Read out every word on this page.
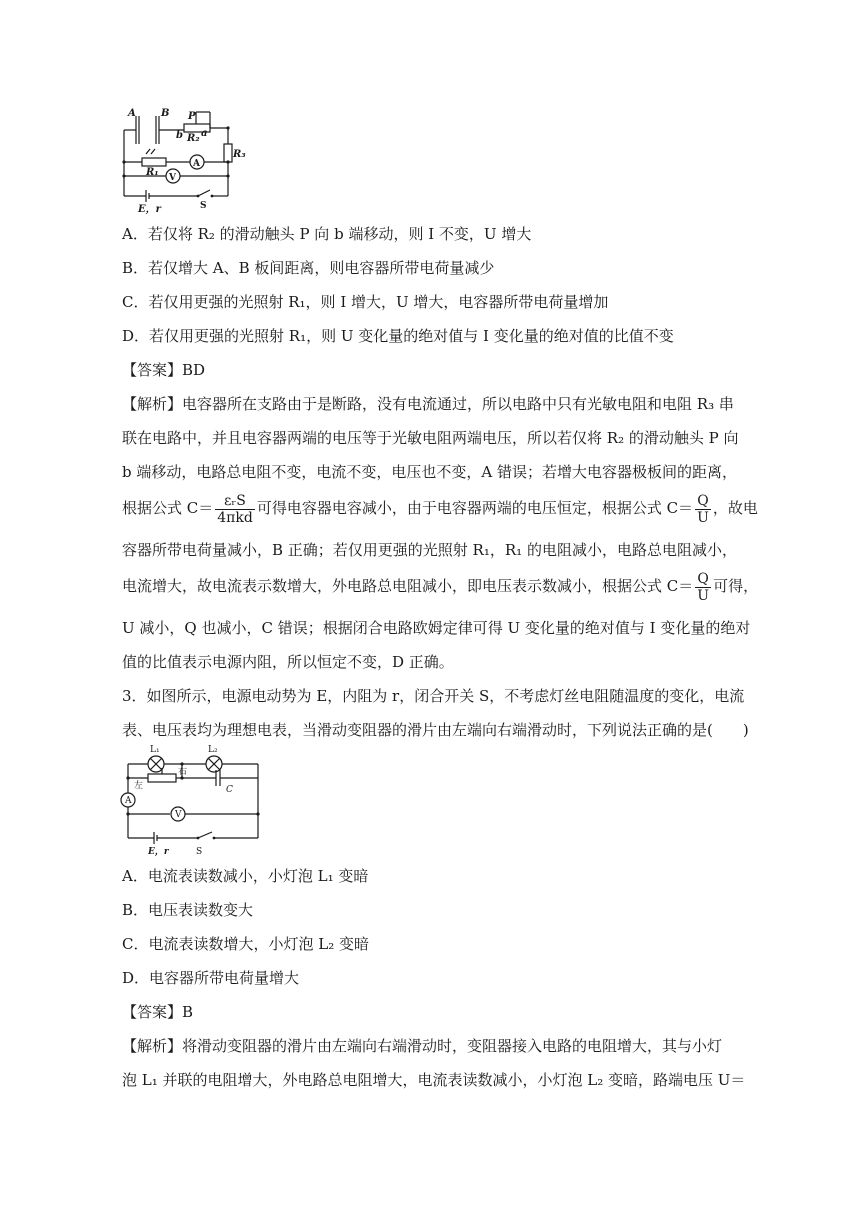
A	B P
b R₂ a
R₃
R₁
A
V
S
E，r
A．若仅将 R₂ 的滑动触头 P 向 b 端移动，则 I 不变，U 增大
B．若仅增大 A、B 板间距离，则电容器所带电荷量减少
C．若仅用更强的光照射 R₁，则 I 增大，U 增大，电容器所带电荷量增加
D．若仅用更强的光照射 R₁，则 U 变化量的绝对值与 I 变化量的绝对值的比值不变
【答案】BD
【解析】电容器所在支路由于是断路，没有电流通过，所以电路中只有光敏电阻和电阻 R₃ 串
联在电路中，并且电容器两端的电压等于光敏电阻两端电压，所以若仅将 R₂ 的滑动触头 P 向
b 端移动，电路总电阻不变，电流不变，电压也不变，A 错误；若增大电容器极板间的距离，
根据公式 $C= \frac{\text{εᵣS}}{\text{4πkd}}$ 可得电容器电容减小，由于电容器两端的电压恒定，根据公式 $C= \frac{Q}{U}$ ，故电
容器所带电荷量减小，B 正确；若仅用更强的光照射 R₁，R₁ 的电阻减小，电路总电阻减小，
电流增大，故电流表示数增大，外电路总电阻减小，即电压表示数减小，根据公式 $C= \frac{Q}{U}$ 可得，
U 减小，Q 也减小，C 错误；根据闭合电路欧姆定律可得 U 变化量的绝对值与 I 变化量的绝对
值的比值表示电源内阻，所以恒定不变，D 正确。
3．如图所示，电源电动势为 E，内阻为 r，闭合开关 S，不考虑灯丝电阻随温度的变化，电流
表、电压表均为理想电表，当滑动变阻器的滑片由左端向右端滑动时，下列说法正确的是(　　)
L₁	L₂
左
右
C
A
V
E，r	S
A．电流表读数减小，小灯泡 L₁ 变暗
B．电压表读数变大
C．电流表读数增大，小灯泡 L₂ 变暗
D．电容器所带电荷量增大
【答案】B
【解析】将滑动变阻器的滑片由左端向右端滑动时，变阻器接入电路的电阻增大，其与小灯
泡 L₁ 并联的电阻增大，外电路总电阻增大，电流表读数减小，小灯泡 L₂ 变暗，路端电压 U＝
